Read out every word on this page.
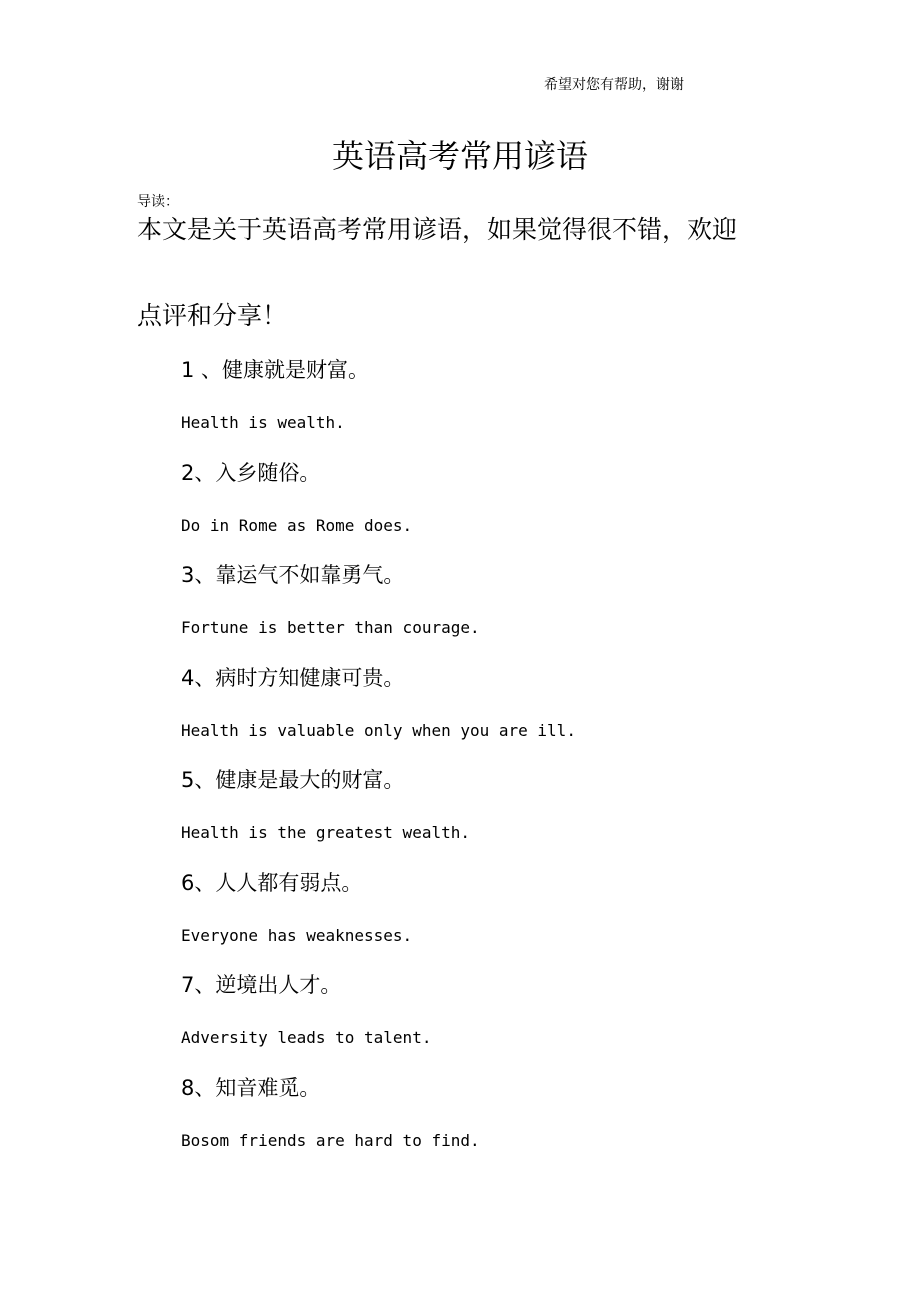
希望对您有帮助，谢谢
英语高考常用谚语
导读：

本文是关于英语高考常用谚语，如果觉得很不错，欢迎

点评和分享！
1 、健康就是财富。
Health is wealth.
2、入乡随俗。
Do in Rome as Rome does.
3、靠运气不如靠勇气。
Fortune is better than courage.
4、病时方知健康可贵。
Health is valuable only when you are ill.
5、健康是最大的财富。
Health is the greatest wealth.
6、人人都有弱点。
Everyone has weaknesses.
7、逆境出人才。
Adversity leads to talent.
8、知音难觅。
Bosom friends are hard to find.
